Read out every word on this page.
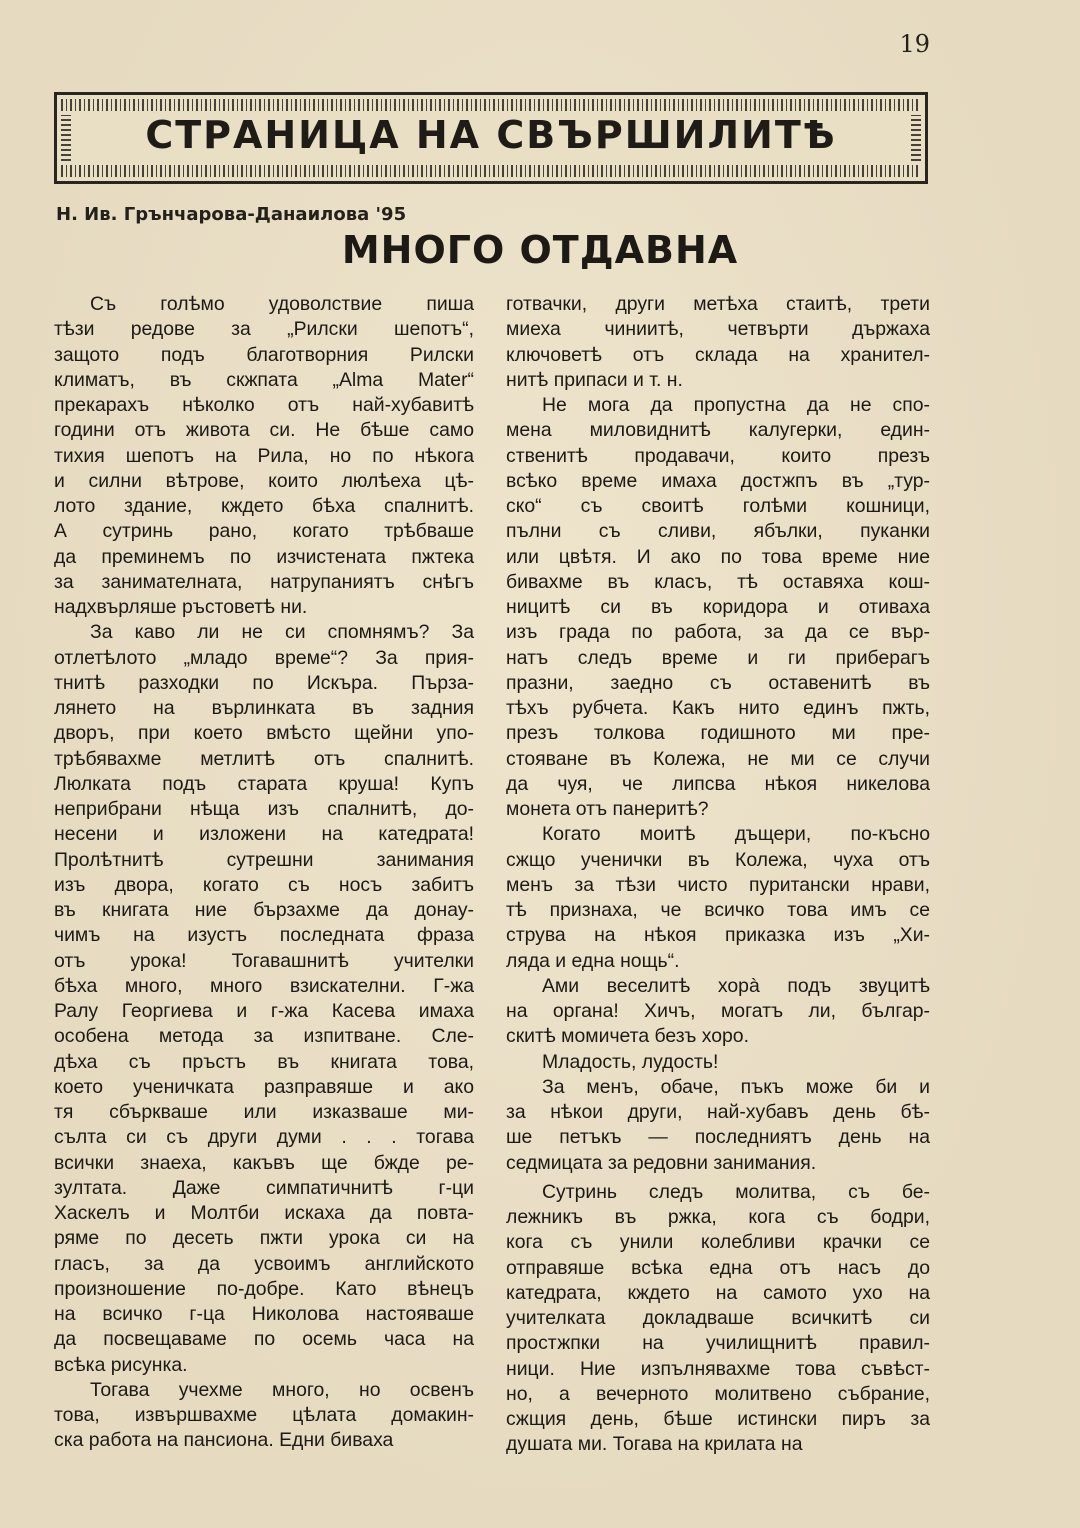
19
СТРАНИЦА НА СВЪРШИЛИТѢ
Н. Ив. Грънчарова-Данаилова '95
МНОГО ОТДАВНА

Съ голѣмо удоволствие пиша

тѣзи редове за „Рилски шепотъ“,

защото подъ благотворния Рилски

климатъ, въ скжпата „Alma Mater“

прекарахъ нѣколко отъ най-хубавитѣ

години отъ живота си. Не бѣше само

тихия шепотъ на Рила, но по нѣкога

и силни вѣтрове, които люлѣеха цѣ-

лото здание, кждето бѣха спалнитѣ.

А сутринь рано, когато трѣбваше

да преминемъ по изчистената пжтека

за занимателната, натрупаниятъ снѣгъ

надхвърляше ръстоветѣ ни.

За каво ли не си спомнямъ? За

отлетѣлото „младо време“? За прия-

тнитѣ разходки по Искъра. Пързa-

лянето на върлинката въ задния

дворъ, при което вмѣсто щейни упо-

трѣбявахме метлитѣ отъ спалнитѣ.

Люлката подъ старата круша! Купъ

неприбрани нѣща изъ спалнитѣ, до-

несени и изложени на катедрата!

Пролѣтнитѣ сутрешни занимания

изъ двора, когато съ носъ забитъ

въ книгата ние бързахме да донау-

чимъ на изустъ последната фраза

отъ урока! Тогавашнитѣ учителки

бѣха много, много взискателни. Г-жа

Ралу Георгиева и г-жа Касева имаха

особена метода за изпитване. Сле-

дѣха съ пръстъ въ книгата това,

което ученичката разправяше и ако

тя сбъркваше или изказваше ми-

сълта си съ други думи . . . тогава

всички знаеха, какъвъ ще бжде ре-

зултата. Даже симпатичнитѣ г-ци

Хаскелъ и Молтби искаха да повта-

ряме по десеть пжти урока си на

гласъ, за да усвоимъ английското

произношение по-добре. Като вѣнецъ

на всичко г-ца Николова настояваше

да посвещаваме по осемь часа на

всѣка рисунка.

Тогава учехме много, но освенъ

това, извършвахме цѣлата домакин-

ска работа на пансиона. Едни биваха

готвачки, други метѣха стаитѣ, трети

миеха чиниитѣ, четвърти държаха

ключоветѣ отъ склада на хранител-

нитѣ припаси и т. н.

Не мога да пропустна да не спо-

мена миловиднитѣ калугерки, един-

ственитѣ продавачи, които презъ

всѣко време имаха достжпъ въ „тур-

ско“ съ своитѣ голѣми кошници,

пълни съ сливи, ябълки, пуканки

или цвѣтя. И ако по това време ние

бивахме въ класъ, тѣ оставяха кош-

ницитѣ си въ коридора и отиваха

изъ града по работа, за да се вър-

натъ следъ време и ги приберагъ

празни, заедно съ оставенитѣ въ

тѣхъ рубчета. Какъ нито единъ пжть,

презъ толкова годишното ми пре-

стояване въ Колежа, не ми се случи

да чуя, че липсва нѣкоя никелова

монета отъ панеритѣ?

Когато моитѣ дъщери, по-късно

сжщо ученички въ Колежа, чуха отъ

менъ за тѣзи чисто пуритански нрави,

тѣ признаха, че всичко това имъ се

струва на нѣкоя приказка изъ „Хи-

ляда и една нощь“.

Ами веселитѣ хорà подъ звуцитѣ

на органа! Хичъ, могатъ ли, българ-

скитѣ момичета безъ хоро.

Младость, лудость!

За менъ, обаче, пъкъ може би и

за нѣкои други, най-хубавъ день бѣ-

ше петъкъ — последниятъ день на

седмицата за редовни занимания.

Сутринь следъ молитва, съ бе-

лежникъ въ ржка, кога съ бодри,

кога съ унили колебливи крачки се

отправяше всѣка една отъ насъ до

катедрата, кждето на самото ухо на

учителката докладваше всичкитѣ си

простжпки на училищнитѣ правил-

ници. Ние изпълнявахме това съвѣст-

но, а вечерното молитвено събрание,

сжщия день, бѣше истински пиръ за

душата ми. Тогава на крилата на
